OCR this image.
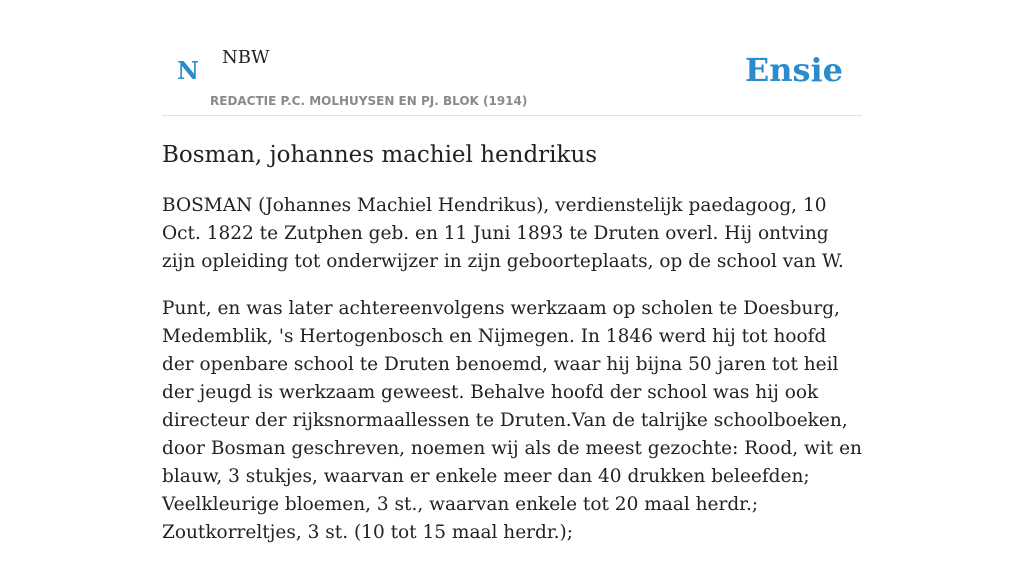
N NBW
REDACTIE P.C. MOLHUYSEN EN PJ. BLOK (1914)
Ensie
Bosman, johannes machiel hendrikus

BOSMAN (Johannes Machiel Hendrikus), verdienstelijk paedagoog, 10 Oct. 1822 te Zutphen geb. en 11 Juni 1893 te Druten overl. Hij ontving zijn opleiding tot onderwijzer in zijn geboorteplaats, op de school van W.

Punt, en was later achtereenvolgens werkzaam op scholen te Doesburg, Medemblik, 's Hertogenbosch en Nijmegen. In 1846 werd hij tot hoofd der openbare school te Druten benoemd, waar hij bijna 50 jaren tot heil der jeugd is werkzaam geweest. Behalve hoofd der school was hij ook directeur der rijksnormaallessen te Druten.Van de talrijke schoolboeken, door Bosman geschreven, noemen wij als de meest gezochte: Rood, wit en blauw, 3 stukjes, waarvan er enkele meer dan 40 drukken beleefden; Veelkleurige bloemen, 3 st., waarvan enkele tot 20 maal herdr.; Zoutkorreltjes, 3 st. (10 tot 15 maal herdr.);
